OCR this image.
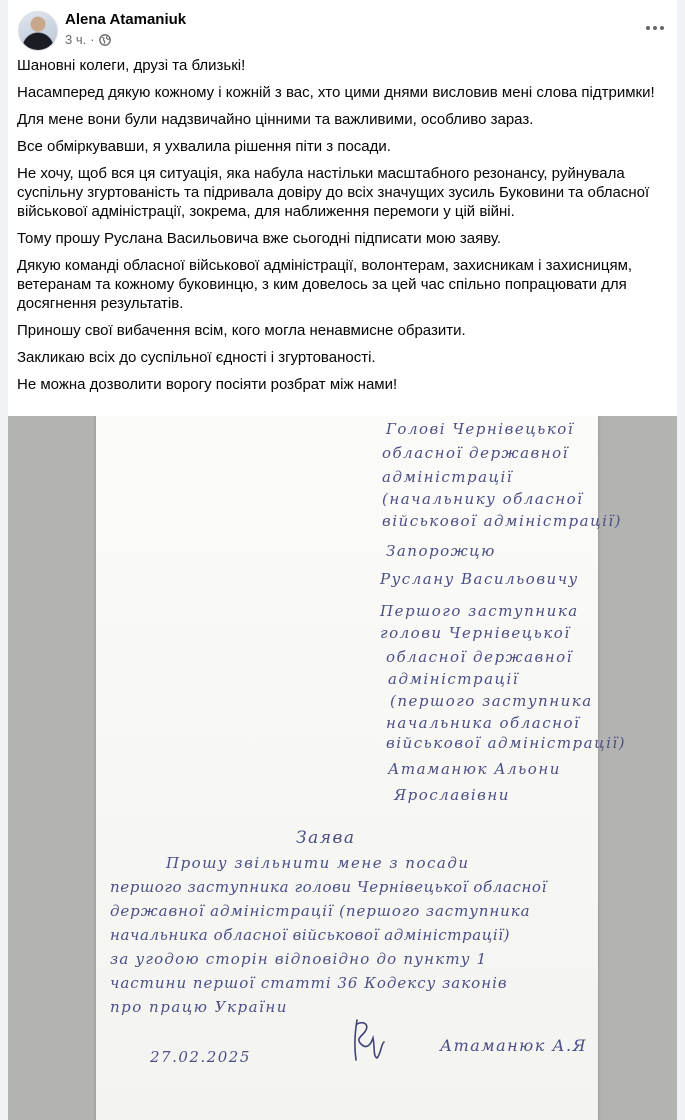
Alena Atamaniuk
3 ч. ·

Шановні колеги, друзі та близькі!

Насамперед дякую кожному і кожній з вас, хто цими днями висловив мені слова підтримки!

Для мене вони були надзвичайно цінними та важливими, особливо зараз.

Все обміркувавши, я ухвалила рішення піти з посади.

Не хочу, щоб вся ця ситуація, яка набула настільки масштабного резонансу, руйнувала суспільну згуртованість та підривала довіру до всіх значущих зусиль Буковини та обласної військової адміністрації, зокрема, для наближення перемоги у цій війні.

Тому прошу Руслана Васильовича вже сьогодні підписати мою заяву.

Дякую команді обласної військової адміністрації, волонтерам, захисникам і захисницям, ветеранам та кожному буковинцю, з ким довелось за цей час спільно попрацювати для досягнення результатів.

Приношу свої вибачення всім, кого могла ненавмисне образити.

Закликаю всіх до суспільної єдності і згуртованості.

Не можна дозволити ворогу посіяти розбрат між нами!

Голові Чернівецької
обласної державної
адміністрації
(начальнику обласної
військової адміністрації)
Запорожцю
Руслану Васильовичу
Першого заступника
голови Чернівецької
обласної державної
адміністрації
(першого заступника
начальника обласної
військової адміністрації)
Атаманюк Альони
Ярославівни
Заява
Прошу звільнити мене з посади
першого заступника голови Чернівецької обласної
державної адміністрації (першого заступника
начальника обласної військової адміністрації)
за угодою сторін відповідно до пункту 1
частини першої статті 36 Кодексу законів
про працю України
27.02.2025
Атаманюк А.Я
